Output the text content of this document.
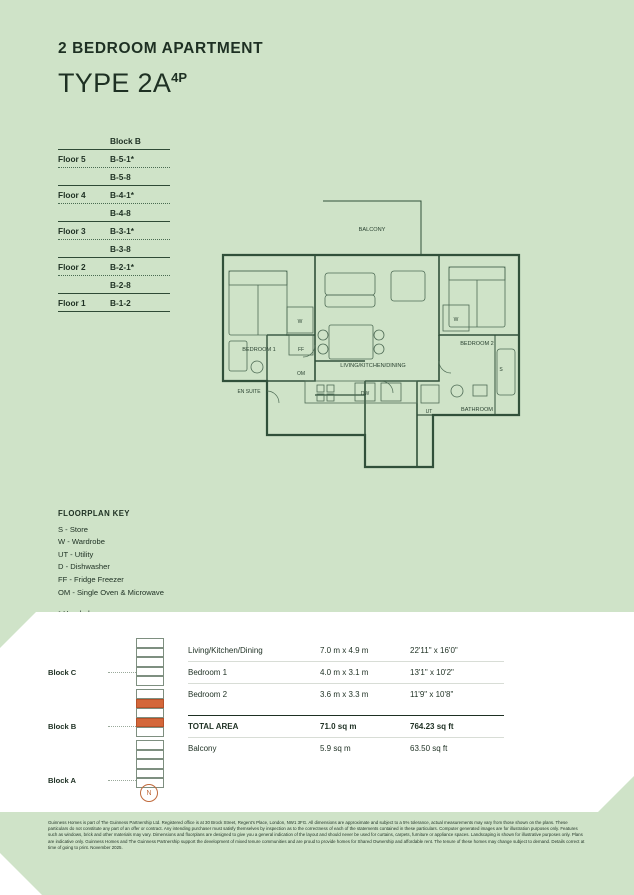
2 BEDROOM APARTMENT
TYPE $2A^{4P}$
Block B
Floor 5	B-5-1*
B-5-8
Floor 4	B-4-1*
B-4-8
Floor 3	B-3-1*
B-3-8
Floor 2	B-2-1*
B-2-8
Floor 1	B-1-2
BALCONY
BEDROOM 1
LIVING/KITCHEN/DINING
BEDROOM 2
EN SUITE
BATHROOM
W	W
S
UT
FF
OM
DW
FLOORPLAN KEY
S - Store
W - Wardrobe
UT - Utility
D - Dishwasher
FF - Fridge Freezer
OM - Single Oven & Microwave
Block C
Block B
Block A
N
Living/Kitchen/Dining	7.0 m x 4.9 m	22'11" x 16'0"
Bedroom 1	4.0 m x 3.1 m	13'1" x 10'2"
Bedroom 2	3.6 m x 3.3 m	11'9" x 10'8"
TOTAL AREA	71.0 sq m	764.23 sq ft
Balcony	5.9 sq m	63.50 sq ft
Guinness Homes is part of The Guinness Partnership Ltd. Registered office is at 30 Brock Street, Regent's Place, London, NW1 3FG. All dimensions are approximate and subject to a 5% tolerance, actual measurements may vary from those shown on the plans. These particulars do not constitute any part of an offer or contract. Any intending purchaser must satisfy themselves by inspection as to the correctness of each of the statements contained in these particulars. Computer generated images are for illustration purposes only. Features such as windows, brick and other materials may vary. Dimensions and floorplans are designed to give you a general indication of the layout and should never be used for curtains, carpets, furniture or appliance spaces. Landscaping is shown for illustrative purposes only. Plans are indicative only. Guinness Homes and The Guinness Partnership support the development of mixed tenure communities and are proud to provide homes for Shared Ownership and affordable rent. The tenure of these homes may change subject to demand. Details correct at time of going to print. November 2025.
